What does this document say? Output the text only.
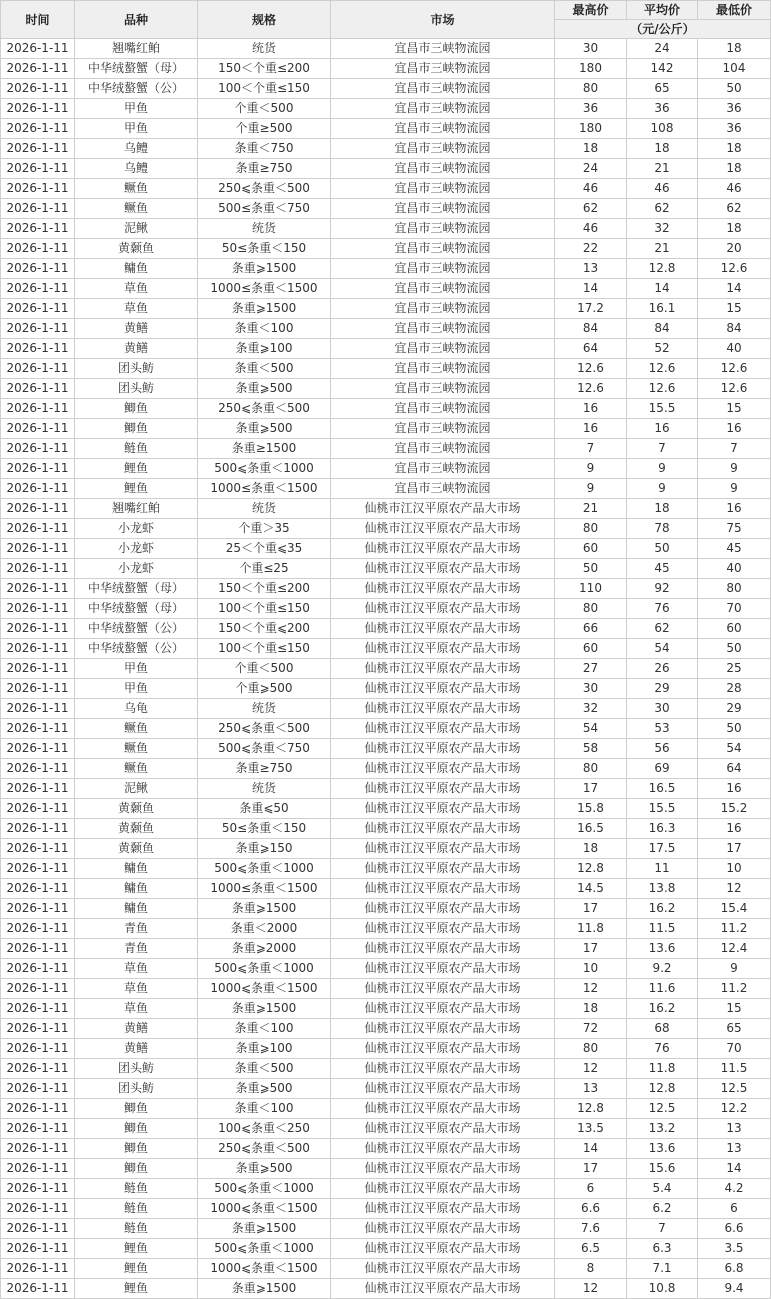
时间	品种	规格	市场	最高价	平均价	最低价
				（元/公斤）		
2026-1-11	翘嘴红鲌	统货	宜昌市三峡物流园	30	24	18
2026-1-11	中华绒螯蟹（母）	150＜个重≤200	宜昌市三峡物流园	180	142	104
2026-1-11	中华绒螯蟹（公）	100＜个重≤150	宜昌市三峡物流园	80	65	50
2026-1-11	甲鱼	个重＜500	宜昌市三峡物流园	36	36	36
2026-1-11	甲鱼	个重≥500	宜昌市三峡物流园	180	108	36
2026-1-11	乌鳢	条重＜750	宜昌市三峡物流园	18	18	18
2026-1-11	乌鳢	条重≥750	宜昌市三峡物流园	24	21	18
2026-1-11	鳜鱼	250⩽条重＜500	宜昌市三峡物流园	46	46	46
2026-1-11	鳜鱼	500≤条重＜750	宜昌市三峡物流园	62	62	62
2026-1-11	泥鳅	统货	宜昌市三峡物流园	46	32	18
2026-1-11	黄颡鱼	50≤条重＜150	宜昌市三峡物流园	22	21	20
2026-1-11	鳙鱼	条重⩾1500	宜昌市三峡物流园	13	12.8	12.6
2026-1-11	草鱼	1000≤条重＜1500	宜昌市三峡物流园	14	14	14
2026-1-11	草鱼	条重⩾1500	宜昌市三峡物流园	17.2	16.1	15
2026-1-11	黄鳝	条重＜100	宜昌市三峡物流园	84	84	84
2026-1-11	黄鳝	条重⩾100	宜昌市三峡物流园	64	52	40
2026-1-11	团头鲂	条重＜500	宜昌市三峡物流园	12.6	12.6	12.6
2026-1-11	团头鲂	条重⩾500	宜昌市三峡物流园	12.6	12.6	12.6
2026-1-11	鲫鱼	250⩽条重＜500	宜昌市三峡物流园	16	15.5	15
2026-1-11	鲫鱼	条重⩾500	宜昌市三峡物流园	16	16	16
2026-1-11	鲢鱼	条重≥1500	宜昌市三峡物流园	7	7	7
2026-1-11	鲤鱼	500⩽条重＜1000	宜昌市三峡物流园	9	9	9
2026-1-11	鲤鱼	1000≤条重＜1500	宜昌市三峡物流园	9	9	9
2026-1-11	翘嘴红鲌	统货	仙桃市江汉平原农产品大市场	21	18	16
2026-1-11	小龙虾	个重＞35	仙桃市江汉平原农产品大市场	80	78	75
2026-1-11	小龙虾	25＜个重⩽35	仙桃市江汉平原农产品大市场	60	50	45
2026-1-11	小龙虾	个重≤25	仙桃市江汉平原农产品大市场	50	45	40
2026-1-11	中华绒螯蟹（母）	150＜个重≤200	仙桃市江汉平原农产品大市场	110	92	80
2026-1-11	中华绒螯蟹（母）	100＜个重≤150	仙桃市江汉平原农产品大市场	80	76	70
2026-1-11	中华绒螯蟹（公）	150＜个重⩽200	仙桃市江汉平原农产品大市场	66	62	60
2026-1-11	中华绒螯蟹（公）	100＜个重≤150	仙桃市江汉平原农产品大市场	60	54	50
2026-1-11	甲鱼	个重＜500	仙桃市江汉平原农产品大市场	27	26	25
2026-1-11	甲鱼	个重⩾500	仙桃市江汉平原农产品大市场	30	29	28
2026-1-11	乌龟	统货	仙桃市江汉平原农产品大市场	32	30	29
2026-1-11	鳜鱼	250⩽条重＜500	仙桃市江汉平原农产品大市场	54	53	50
2026-1-11	鳜鱼	500⩽条重＜750	仙桃市江汉平原农产品大市场	58	56	54
2026-1-11	鳜鱼	条重≥750	仙桃市江汉平原农产品大市场	80	69	64
2026-1-11	泥鳅	统货	仙桃市江汉平原农产品大市场	17	16.5	16
2026-1-11	黄颡鱼	条重⩽50	仙桃市江汉平原农产品大市场	15.8	15.5	15.2
2026-1-11	黄颡鱼	50≤条重＜150	仙桃市江汉平原农产品大市场	16.5	16.3	16
2026-1-11	黄颡鱼	条重⩾150	仙桃市江汉平原农产品大市场	18	17.5	17
2026-1-11	鳙鱼	500⩽条重＜1000	仙桃市江汉平原农产品大市场	12.8	11	10
2026-1-11	鳙鱼	1000≤条重＜1500	仙桃市江汉平原农产品大市场	14.5	13.8	12
2026-1-11	鳙鱼	条重⩾1500	仙桃市江汉平原农产品大市场	17	16.2	15.4
2026-1-11	青鱼	条重＜2000	仙桃市江汉平原农产品大市场	11.8	11.5	11.2
2026-1-11	青鱼	条重⩾2000	仙桃市江汉平原农产品大市场	17	13.6	12.4
2026-1-11	草鱼	500⩽条重＜1000	仙桃市江汉平原农产品大市场	10	9.2	9
2026-1-11	草鱼	1000⩽条重＜1500	仙桃市江汉平原农产品大市场	12	11.6	11.2
2026-1-11	草鱼	条重⩾1500	仙桃市江汉平原农产品大市场	18	16.2	15
2026-1-11	黄鳝	条重＜100	仙桃市江汉平原农产品大市场	72	68	65
2026-1-11	黄鳝	条重⩾100	仙桃市江汉平原农产品大市场	80	76	70
2026-1-11	团头鲂	条重＜500	仙桃市江汉平原农产品大市场	12	11.8	11.5
2026-1-11	团头鲂	条重⩾500	仙桃市江汉平原农产品大市场	13	12.8	12.5
2026-1-11	鲫鱼	条重＜100	仙桃市江汉平原农产品大市场	12.8	12.5	12.2
2026-1-11	鲫鱼	100⩽条重＜250	仙桃市江汉平原农产品大市场	13.5	13.2	13
2026-1-11	鲫鱼	250⩽条重＜500	仙桃市江汉平原农产品大市场	14	13.6	13
2026-1-11	鲫鱼	条重⩾500	仙桃市江汉平原农产品大市场	17	15.6	14
2026-1-11	鲢鱼	500⩽条重＜1000	仙桃市江汉平原农产品大市场	6	5.4	4.2
2026-1-11	鲢鱼	1000⩽条重＜1500	仙桃市江汉平原农产品大市场	6.6	6.2	6
2026-1-11	鲢鱼	条重⩾1500	仙桃市江汉平原农产品大市场	7.6	7	6.6
2026-1-11	鲤鱼	500⩽条重＜1000	仙桃市江汉平原农产品大市场	6.5	6.3	3.5
2026-1-11	鲤鱼	1000⩽条重＜1500	仙桃市江汉平原农产品大市场	8	7.1	6.8
2026-1-11	鲤鱼	条重⩾1500	仙桃市江汉平原农产品大市场	12	10.8	9.4
